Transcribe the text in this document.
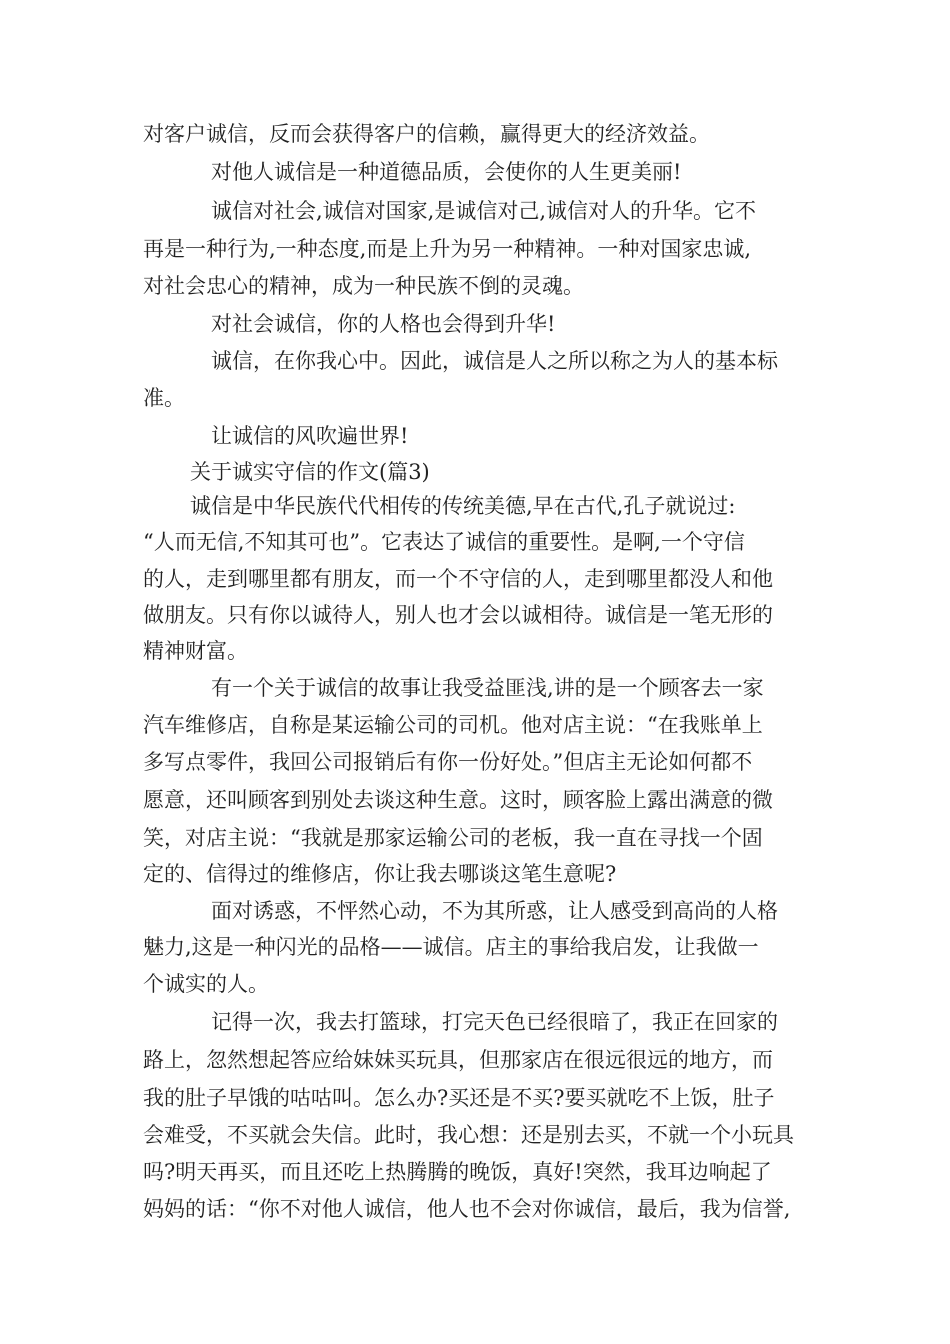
对客户诚信，反而会获得客户的信赖，赢得更大的经济效益。
对他人诚信是一种道德品质，会使你的人生更美丽!
诚信对社会,诚信对国家,是诚信对己,诚信对人的升华。它不
再是一种行为,一种态度,而是上升为另一种精神。一种对国家忠诚,
对社会忠心的精神，成为一种民族不倒的灵魂。
对社会诚信，你的人格也会得到升华!
诚信，在你我心中。因此，诚信是人之所以称之为人的基本标
准。
让诚信的风吹遍世界!
关于诚实守信的作文(篇3)
诚信是中华民族代代相传的传统美德,早在古代,孔子就说过:
“人而无信,不知其可也”。它表达了诚信的重要性。是啊,一个守信
的人，走到哪里都有朋友，而一个不守信的人，走到哪里都没人和他
做朋友。只有你以诚待人，别人也才会以诚相待。诚信是一笔无形的
精神财富。
有一个关于诚信的故事让我受益匪浅,讲的是一个顾客去一家
汽车维修店，自称是某运输公司的司机。他对店主说：“在我账单上
多写点零件，我回公司报销后有你一份好处。”但店主无论如何都不
愿意，还叫顾客到别处去谈这种生意。这时，顾客脸上露出满意的微
笑，对店主说：“我就是那家运输公司的老板，我一直在寻找一个固
定的、信得过的维修店，你让我去哪谈这笔生意呢?
面对诱惑，不怦然心动，不为其所惑，让人感受到高尚的人格
魅力,这是一种闪光的品格——诚信。店主的事给我启发，让我做一
个诚实的人。
记得一次，我去打篮球，打完天色已经很暗了，我正在回家的
路上，忽然想起答应给妹妹买玩具，但那家店在很远很远的地方，而
我的肚子早饿的咕咕叫。怎么办?买还是不买?要买就吃不上饭，肚子
会难受，不买就会失信。此时，我心想：还是别去买，不就一个小玩具
吗?明天再买，而且还吃上热腾腾的晚饭，真好!突然，我耳边响起了
妈妈的话：“你不对他人诚信，他人也不会对你诚信，最后，我为信誉,
